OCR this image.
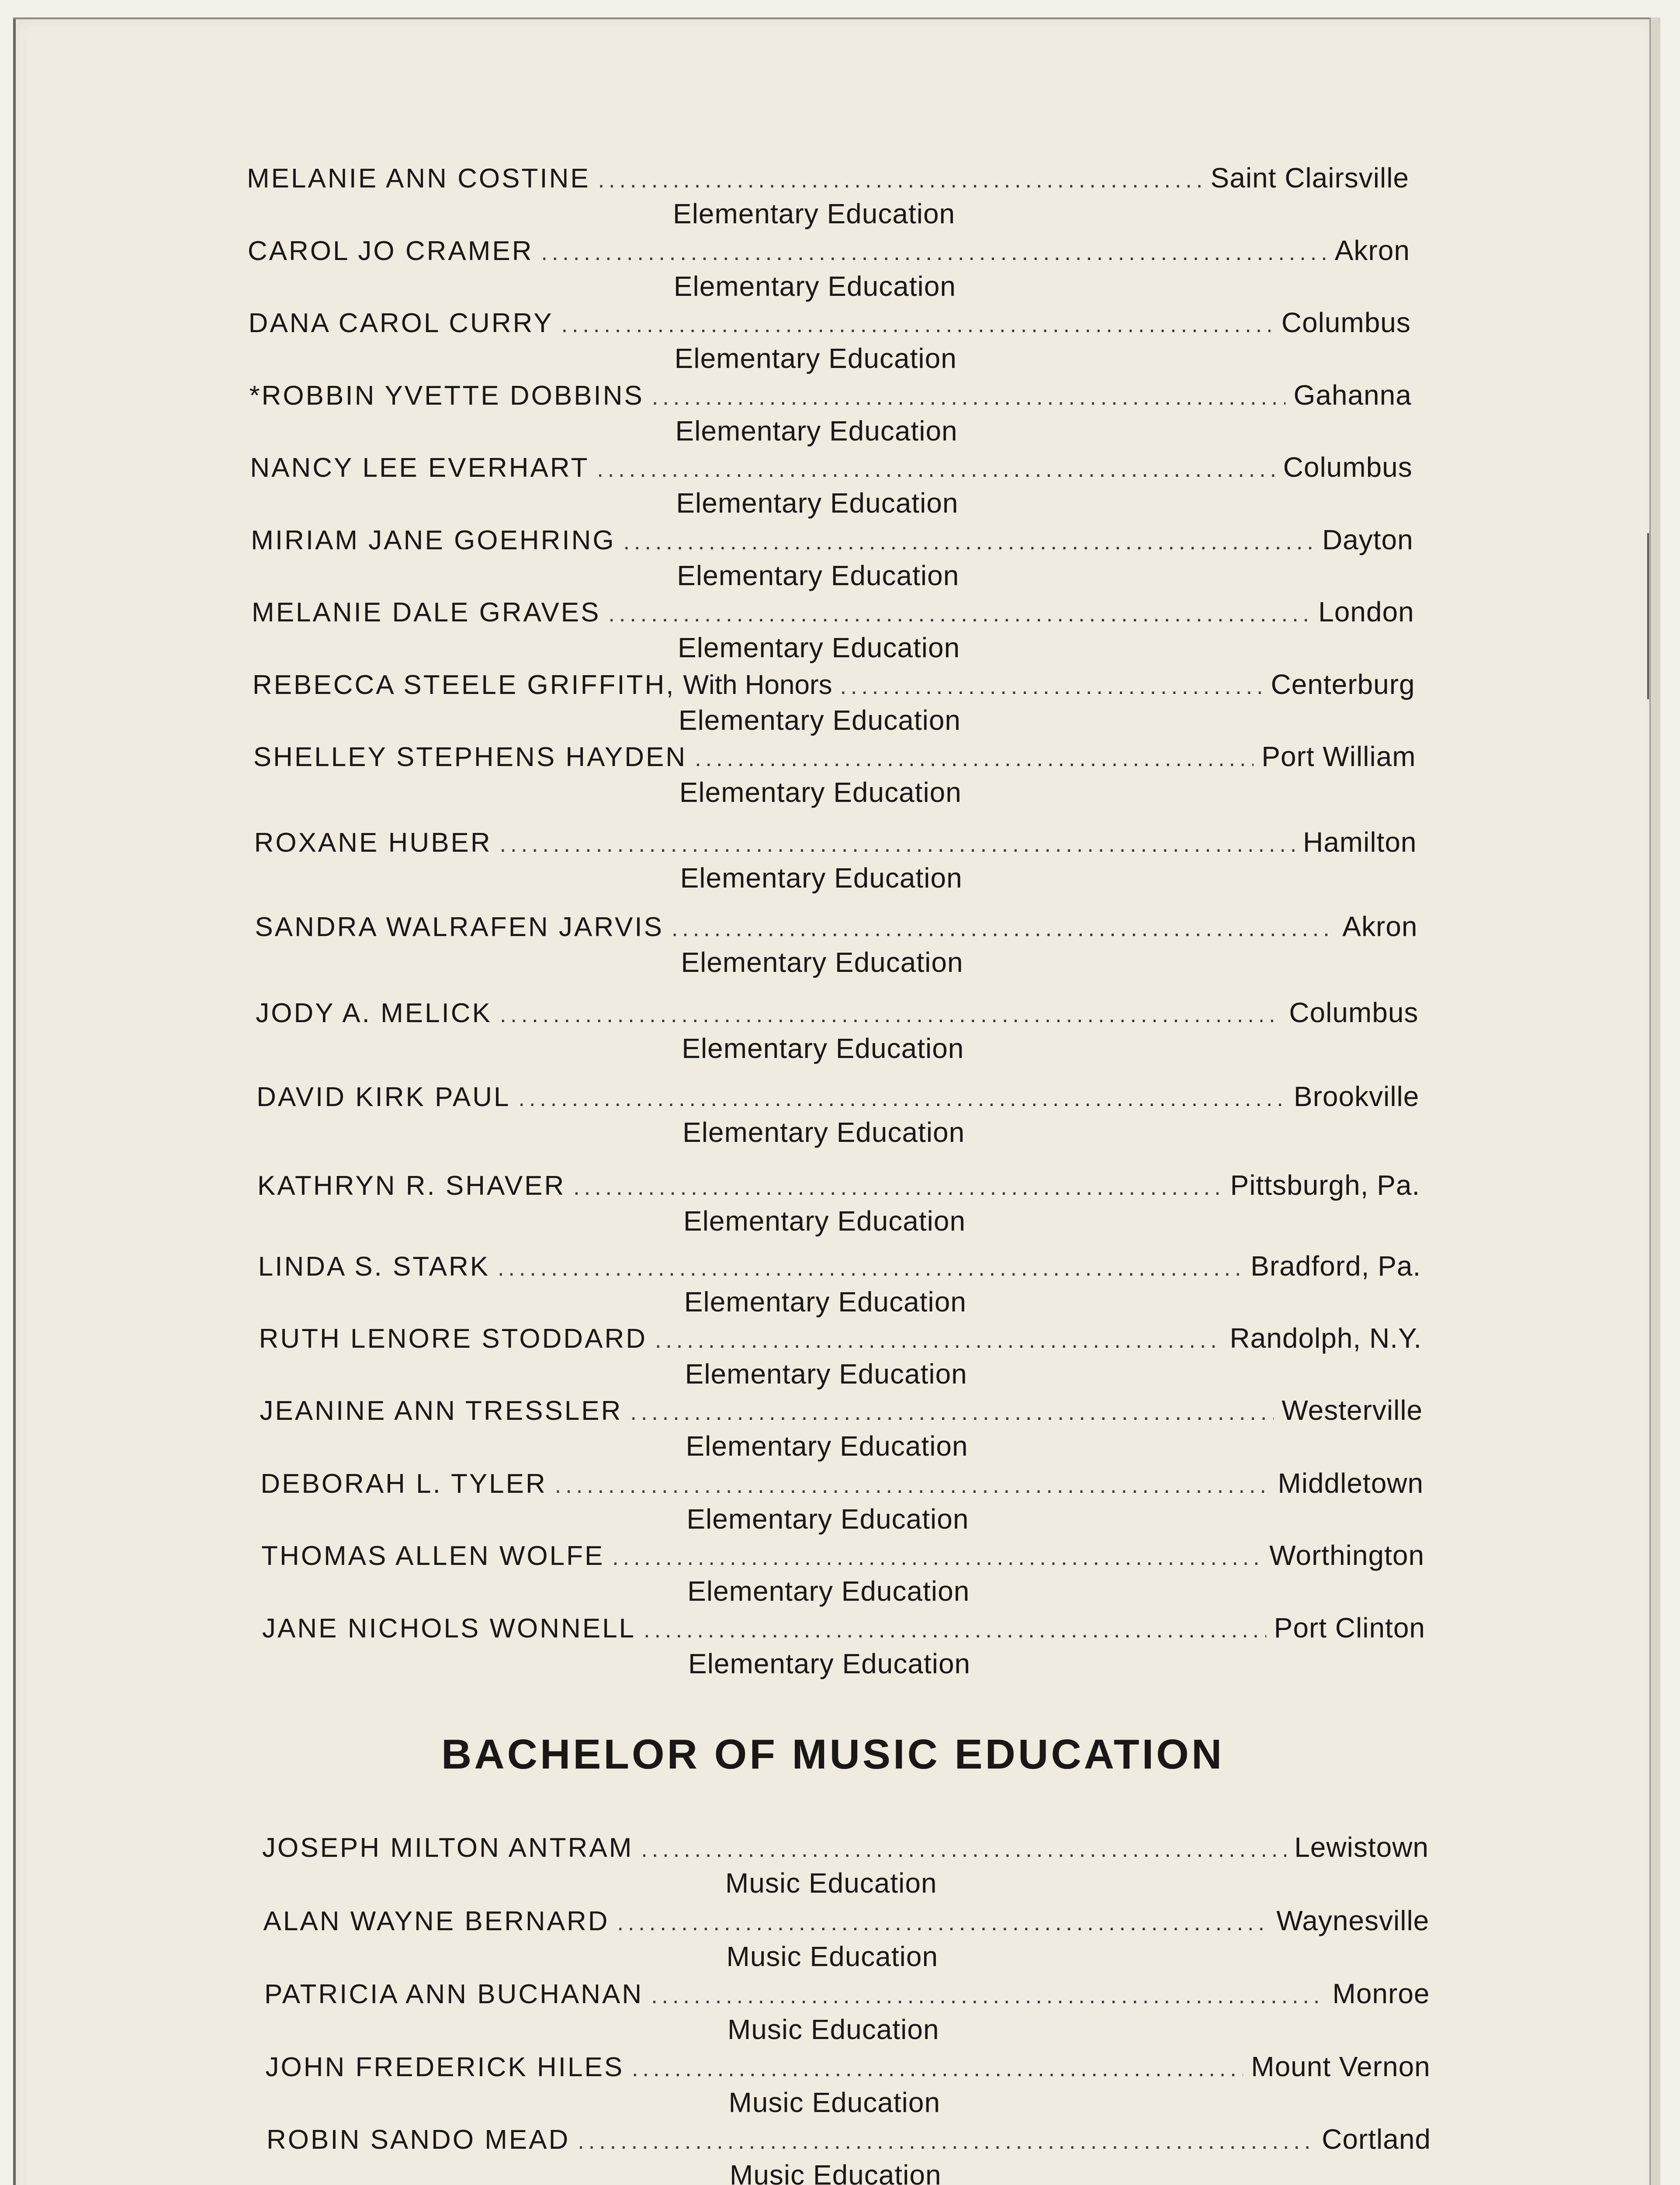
MELANIE ANN COSTINE .....	Saint Clairsville
Elementary Education
CAROL JO CRAMER .....	Akron
Elementary Education
DANA CAROL CURRY .....	Columbus
Elementary Education
*ROBBIN YVETTE DOBBINS .....	Gahanna
Elementary Education
NANCY LEE EVERHART .....	Columbus
Elementary Education
MIRIAM JANE GOEHRING .....	Dayton
Elementary Education
MELANIE DALE GRAVES .....	London
Elementary Education
REBECCA STEELE GRIFFITH, With Honors .....	Centerburg
Elementary Education
SHELLEY STEPHENS HAYDEN .....	Port William
Elementary Education
ROXANE HUBER .....	Hamilton
Elementary Education
SANDRA WALRAFEN JARVIS .....	Akron
Elementary Education
JODY A. MELICK .....	Columbus
Elementary Education
DAVID KIRK PAUL .....	Brookville
Elementary Education
KATHRYN R. SHAVER .....	Pittsburgh, Pa.
Elementary Education
LINDA S. STARK .....	Bradford, Pa.
Elementary Education
RUTH LENORE STODDARD .....	Randolph, N.Y.
Elementary Education
JEANINE ANN TRESSLER .....	Westerville
Elementary Education
DEBORAH L. TYLER .....	Middletown
Elementary Education
THOMAS ALLEN WOLFE .....	Worthington
Elementary Education
JANE NICHOLS WONNELL .....	Port Clinton
Elementary Education
BACHELOR OF MUSIC EDUCATION
JOSEPH MILTON ANTRAM .....	Lewistown
Music Education
ALAN WAYNE BERNARD .....	Waynesville
Music Education
PATRICIA ANN BUCHANAN .....	Monroe
Music Education
JOHN FREDERICK HILES .....	Mount Vernon
Music Education
ROBIN SANDO MEAD .....	Cortland
Music Education
